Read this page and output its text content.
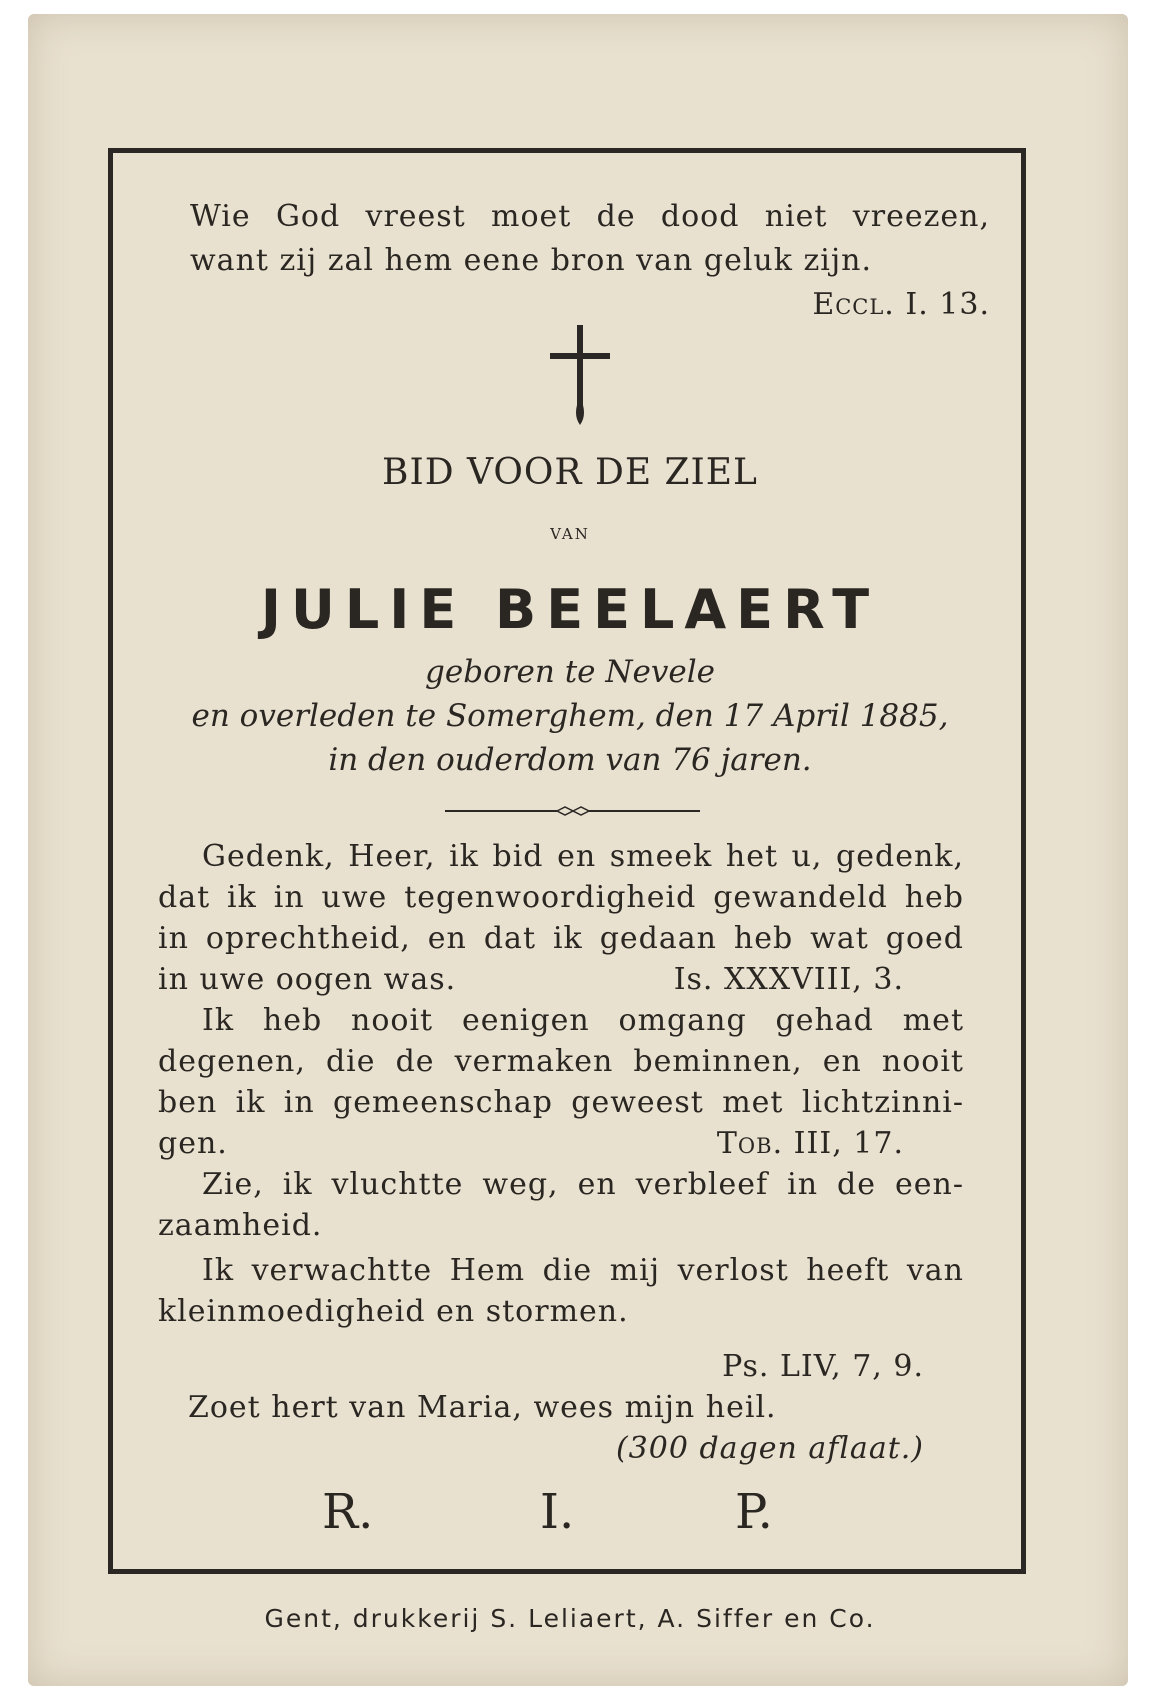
Wie God vreest moet de dood niet vreezen,
want zij zal hem eene bron van geluk zijn.
Eccl. I. 13.
BID VOOR DE ZIEL
van
JULIE BEELAERT
geboren te Nevele
en overleden te Somerghem, den 17 April 1885,
in den ouderdom van 76 jaren.
Gedenk, Heer, ik bid en smeek het u, gedenk,
dat ik in uwe tegenwoordigheid gewandeld heb
in oprechtheid, en dat ik gedaan heb wat goed
in uwe oogen was.	Is. XXXVIII, 3.
Ik heb nooit eenigen omgang gehad met
degenen, die de vermaken beminnen, en nooit
ben ik in gemeenschap geweest met lichtzinni-
gen.	Tob. III, 17.
Zie, ik vluchtte weg, en verbleef in de een-
zaamheid.
Ik verwachtte Hem die mij verlost heeft van
kleinmoedigheid en stormen.
Ps. LIV, 7, 9.
Zoet hert van Maria, wees mijn heil.
(300 dagen aflaat.)
R.	I.	P.
Gent, drukkerij S. Leliaert, A. Siffer en Co.
